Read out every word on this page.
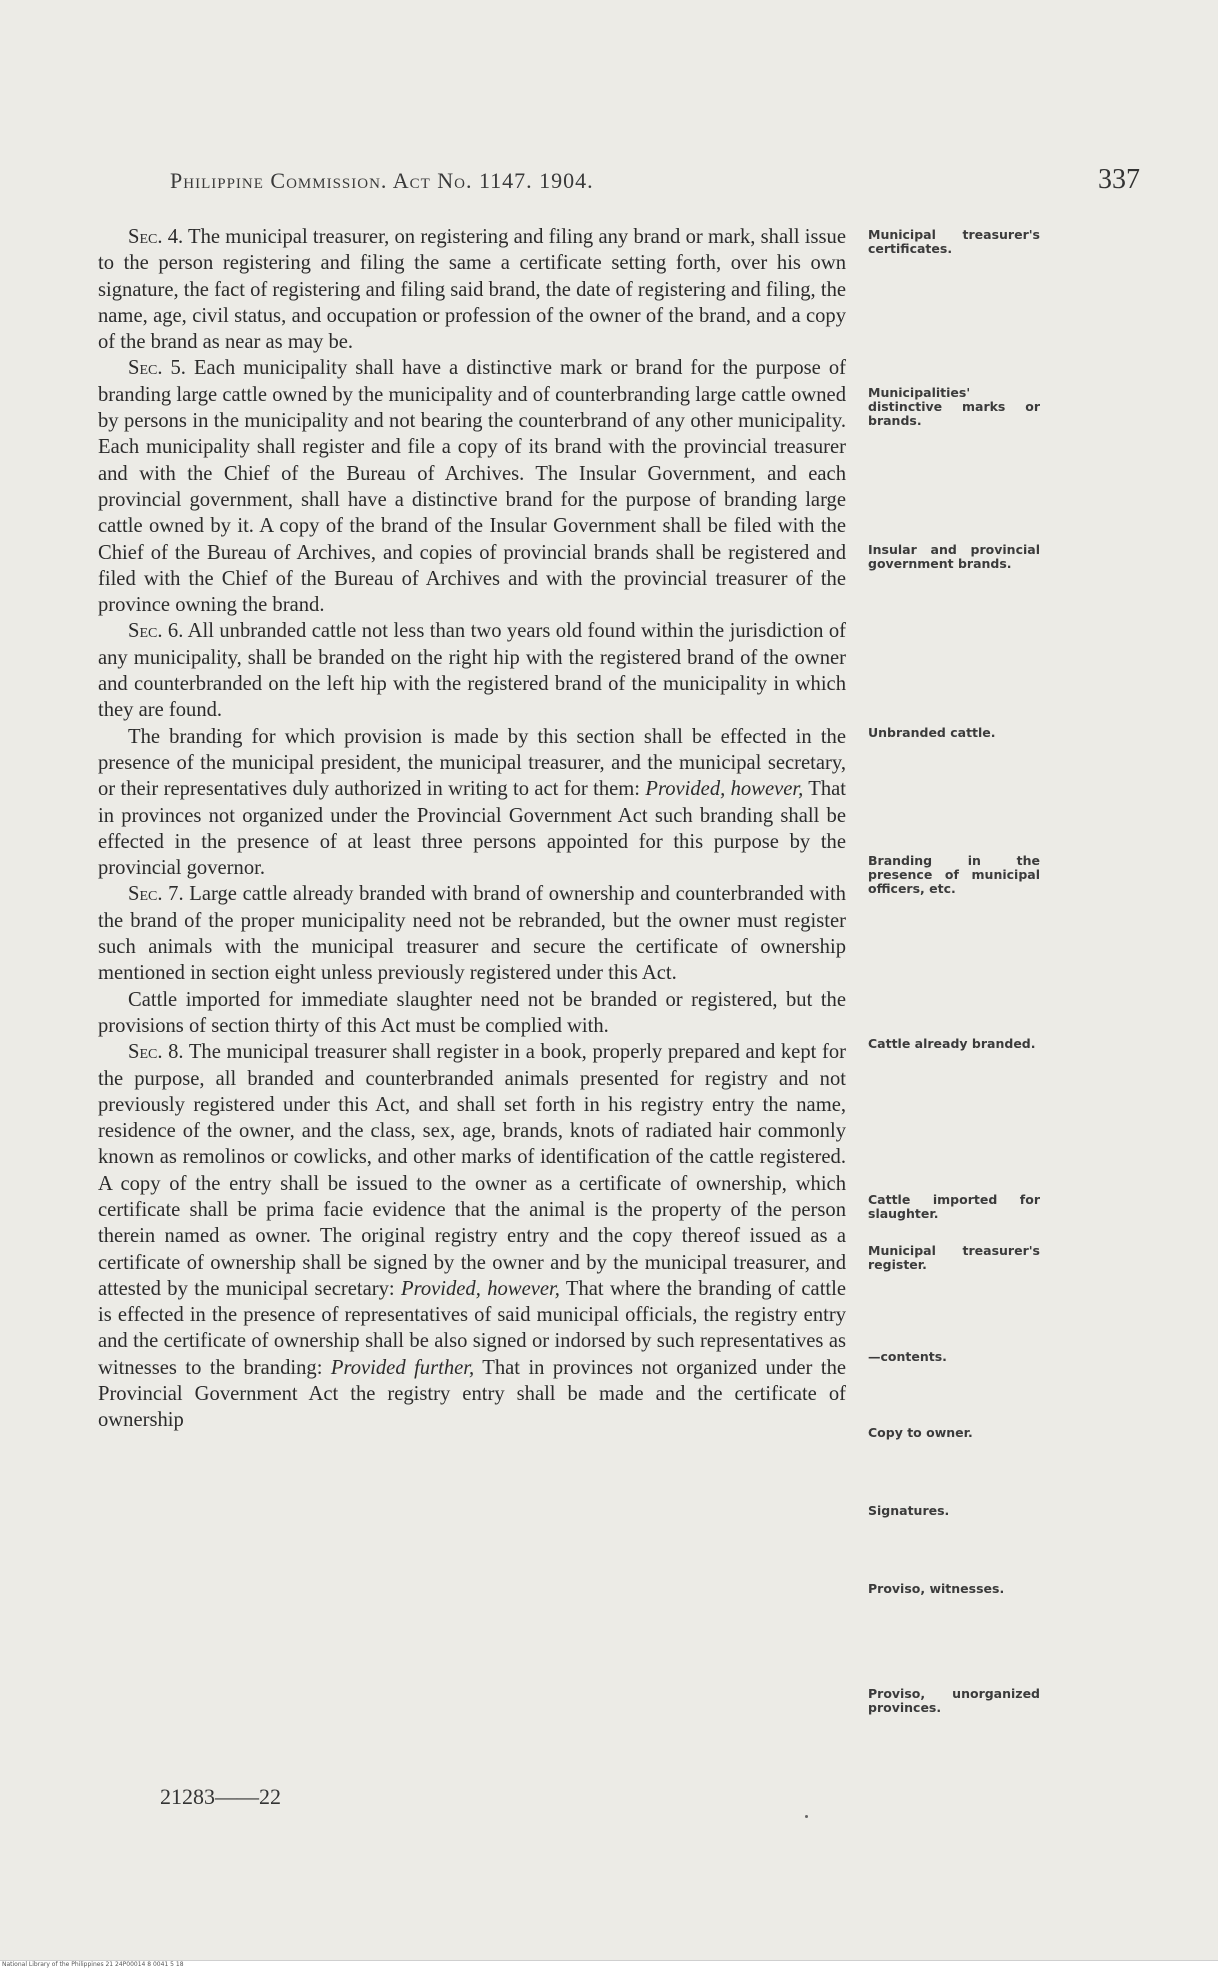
Philippine Commission. Act No. 1147. 1904.	337

Sec. 4. The municipal treasurer, on registering and filing any brand or mark, shall issue to the person registering and filing the same a certificate setting forth, over his own signature, the fact of registering and filing said brand, the date of registering and filing, the name, age, civil status, and occupation or profession of the owner of the brand, and a copy of the brand as near as may be.

Sec. 5. Each municipality shall have a distinctive mark or brand for the purpose of branding large cattle owned by the municipality and of counterbranding large cattle owned by persons in the municipality and not bearing the counterbrand of any other municipality. Each municipality shall register and file a copy of its brand with the provincial treasurer and with the Chief of the Bureau of Archives. The Insular Government, and each provincial government, shall have a distinctive brand for the purpose of branding large cattle owned by it. A copy of the brand of the Insular Government shall be filed with the Chief of the Bureau of Archives, and copies of provincial brands shall be registered and filed with the Chief of the Bureau of Archives and with the provincial treasurer of the province owning the brand.

Sec. 6. All unbranded cattle not less than two years old found within the jurisdiction of any municipality, shall be branded on the right hip with the registered brand of the owner and counterbranded on the left hip with the registered brand of the municipality in which they are found.

The branding for which provision is made by this section shall be effected in the presence of the municipal president, the municipal treasurer, and the municipal secretary, or their representatives duly authorized in writing to act for them: Provided, however, That in provinces not organized under the Provincial Government Act such branding shall be effected in the presence of at least three persons appointed for this purpose by the provincial governor.

Sec. 7. Large cattle already branded with brand of ownership and counterbranded with the brand of the proper municipality need not be rebranded, but the owner must register such animals with the municipal treasurer and secure the certificate of ownership mentioned in section eight unless previously registered under this Act.

Cattle imported for immediate slaughter need not be branded or registered, but the provisions of section thirty of this Act must be complied with.

Sec. 8. The municipal treasurer shall register in a book, properly prepared and kept for the purpose, all branded and counterbranded animals presented for registry and not previously registered under this Act, and shall set forth in his registry entry the name, residence of the owner, and the class, sex, age, brands, knots of radiated hair commonly known as remolinos or cowlicks, and other marks of identification of the cattle registered. A copy of the entry shall be issued to the owner as a certificate of ownership, which certificate shall be prima facie evidence that the animal is the property of the person therein named as owner. The original registry entry and the copy thereof issued as a certificate of ownership shall be signed by the owner and by the municipal treasurer, and attested by the municipal secretary: Provided, however, That where the branding of cattle is effected in the presence of representatives of said municipal officials, the registry entry and the certificate of ownership shall be also signed or indorsed by such representatives as witnesses to the branding: Provided further, That in provinces not organized under the Provincial Government Act the registry entry shall be made and the certificate of ownership

Municipal treasurer's certificates.
Municipalities' distinctive marks or brands.
Insular and provincial government brands.
Unbranded cattle.
Branding in the presence of municipal officers, etc.
Cattle already branded.
Cattle imported for slaughter.
Municipal treasurer's register.
—contents.
Copy to owner.
Signatures.
Proviso, witnesses.
Proviso, unorganized provinces.
21283——22
National Library of the Philippines 21 24P00014 8 0041 5 18
